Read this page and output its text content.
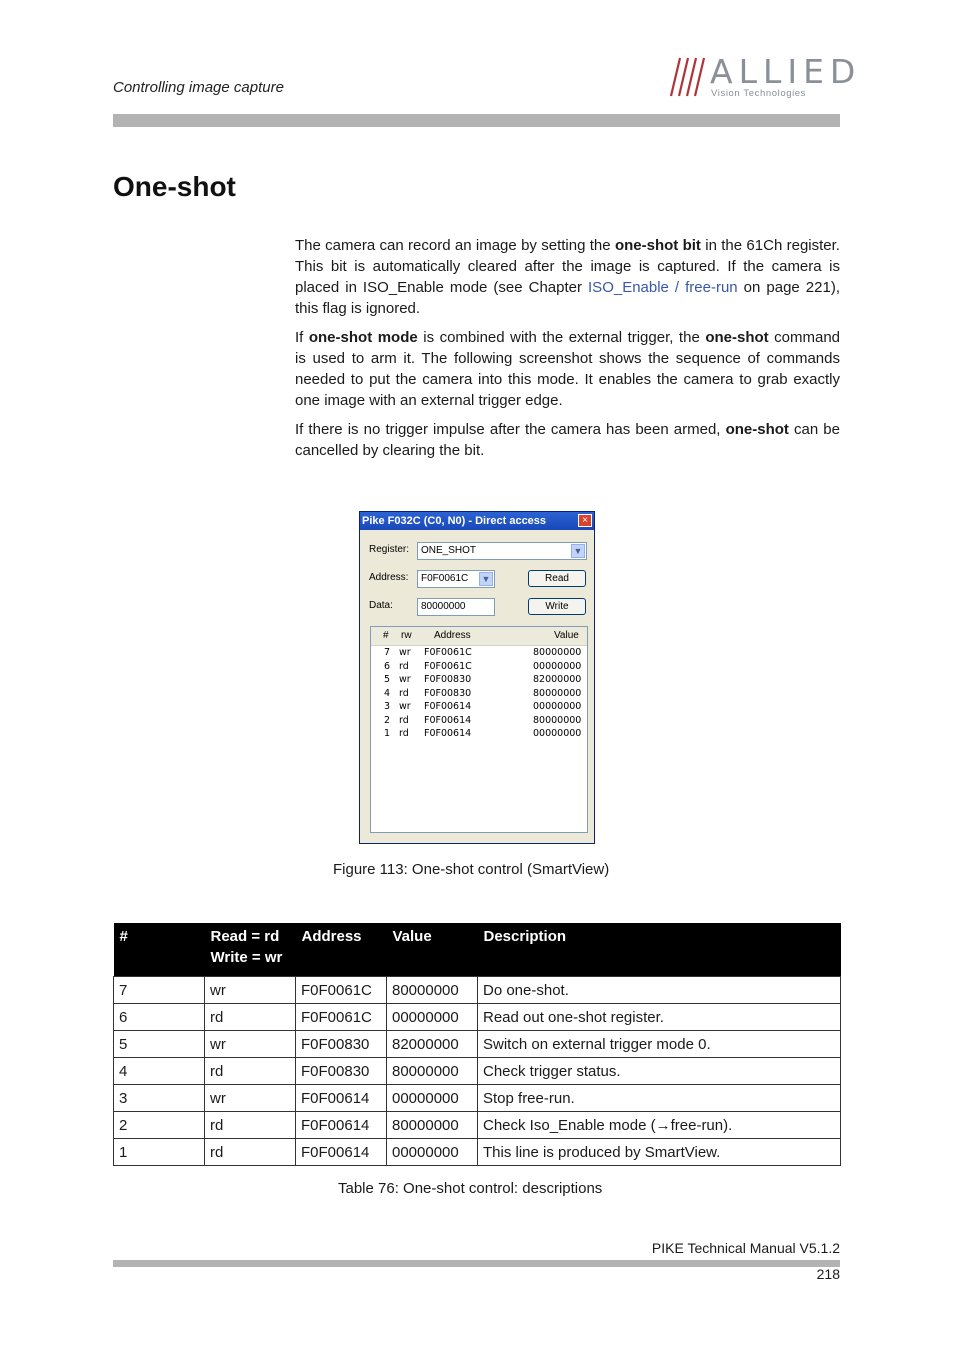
Controlling image capture	ALLIED
Vision Technologies
One-shot

The camera can record an image by setting the one-shot bit in the 61Ch register. This bit is automatically cleared after the image is captured. If the camera is placed in ISO_Enable mode (see Chapter ISO_Enable / free-run on page 221), this flag is ignored.

If one-shot mode is combined with the external trigger, the one-shot command is used to arm it. The following screenshot shows the sequence of commands needed to put the camera into this mode. It enables the camera to grab exactly one image with an external trigger edge.

If there is no trigger impulse after the camera has been armed, one-shot can be cancelled by clearing the bit.

Pike F032C (C0, N0) - Direct access	×
Register:	ONE_SHOT	▼
Address:	F0F0061C ▼	Read
Data:	80000000	Write
# rw Address	Value
7 wr F0F0061C	80000000
6 rd F0F0061C	00000000
5 wr F0F00830	82000000
4 rd F0F00830	80000000
3 wr F0F00614	00000000
2 rd F0F00614	80000000
1 rd F0F00614	00000000
Figure 113: One-shot control (SmartView)
#	Read = rd
Write = wr	Address	Value	Description
7	wr	F0F0061C	80000000	Do one-shot.
6	rd	F0F0061C	00000000	Read out one-shot register.
5	wr	F0F00830	82000000	Switch on external trigger mode 0.
4	rd	F0F00830	80000000	Check trigger status.
3	wr	F0F00614	00000000	Stop free-run.
2	rd	F0F00614	80000000	Check Iso_Enable mode (→free-run).
1	rd	F0F00614	00000000	This line is produced by SmartView.
Table 76: One-shot control: descriptions
PIKE Technical Manual V5.1.2
218
